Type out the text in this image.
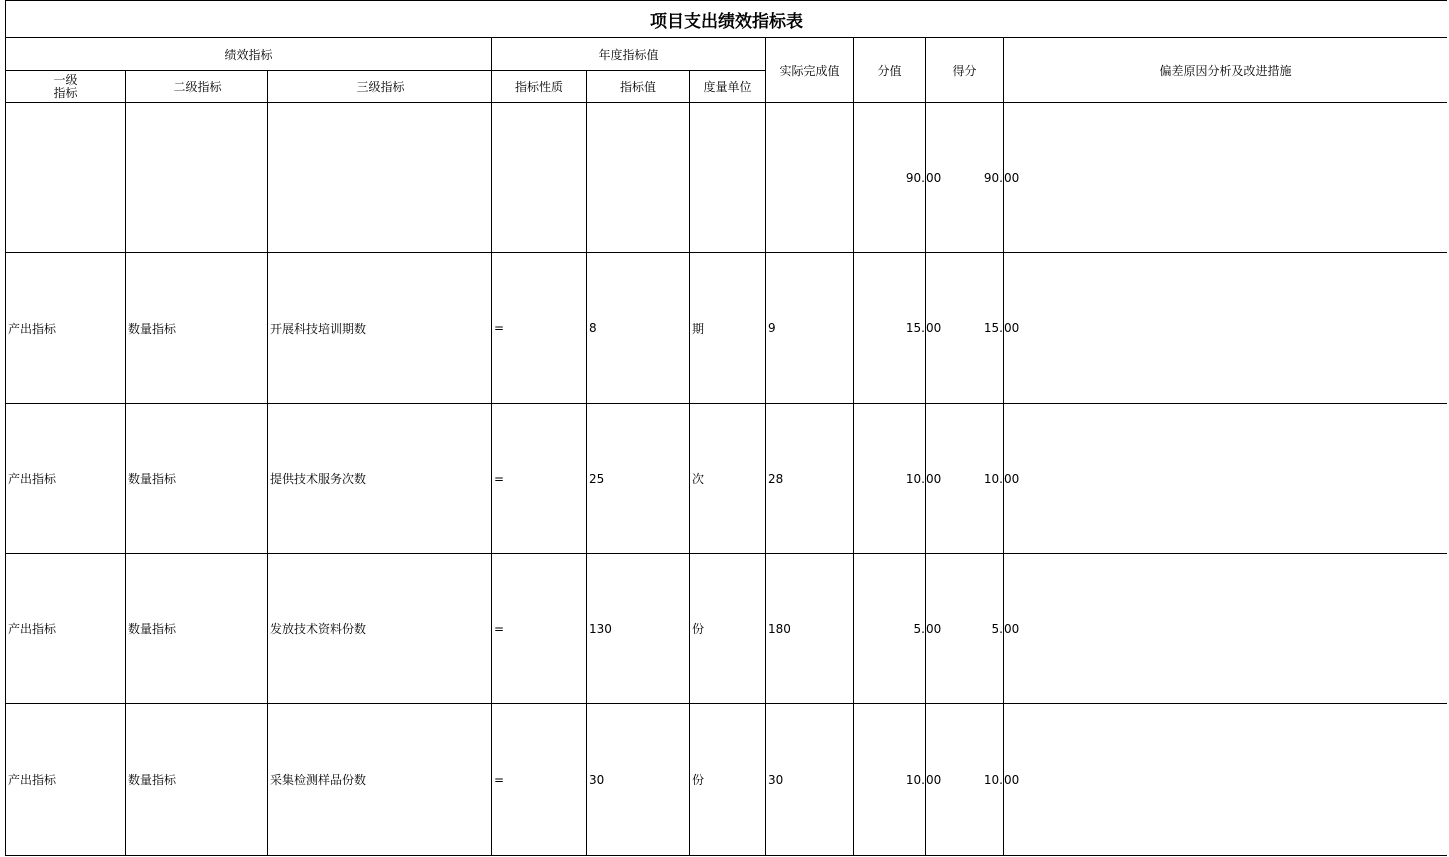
项目支出绩效指标表									
绩效指标			年度指标值			实际完成值	分值	得分	偏差原因分析及改进措施

一级
指标	二级指标	三级指标	指标性质	指标值	度量单位				

							90. 00	90. 00	

产出指标	数量指标	开展科技培训期数	=	8	期	9	15. 00	15. 00	

产出指标	数量指标	提供技术服务次数	=	25	次	28	10. 00	10. 00	

产出指标	数量指标	发放技术资料份数	=	130	份	180	5. 00	5. 00	

产出指标	数量指标	采集检测样品份数	=	30	份	30	10. 00	10. 00	
